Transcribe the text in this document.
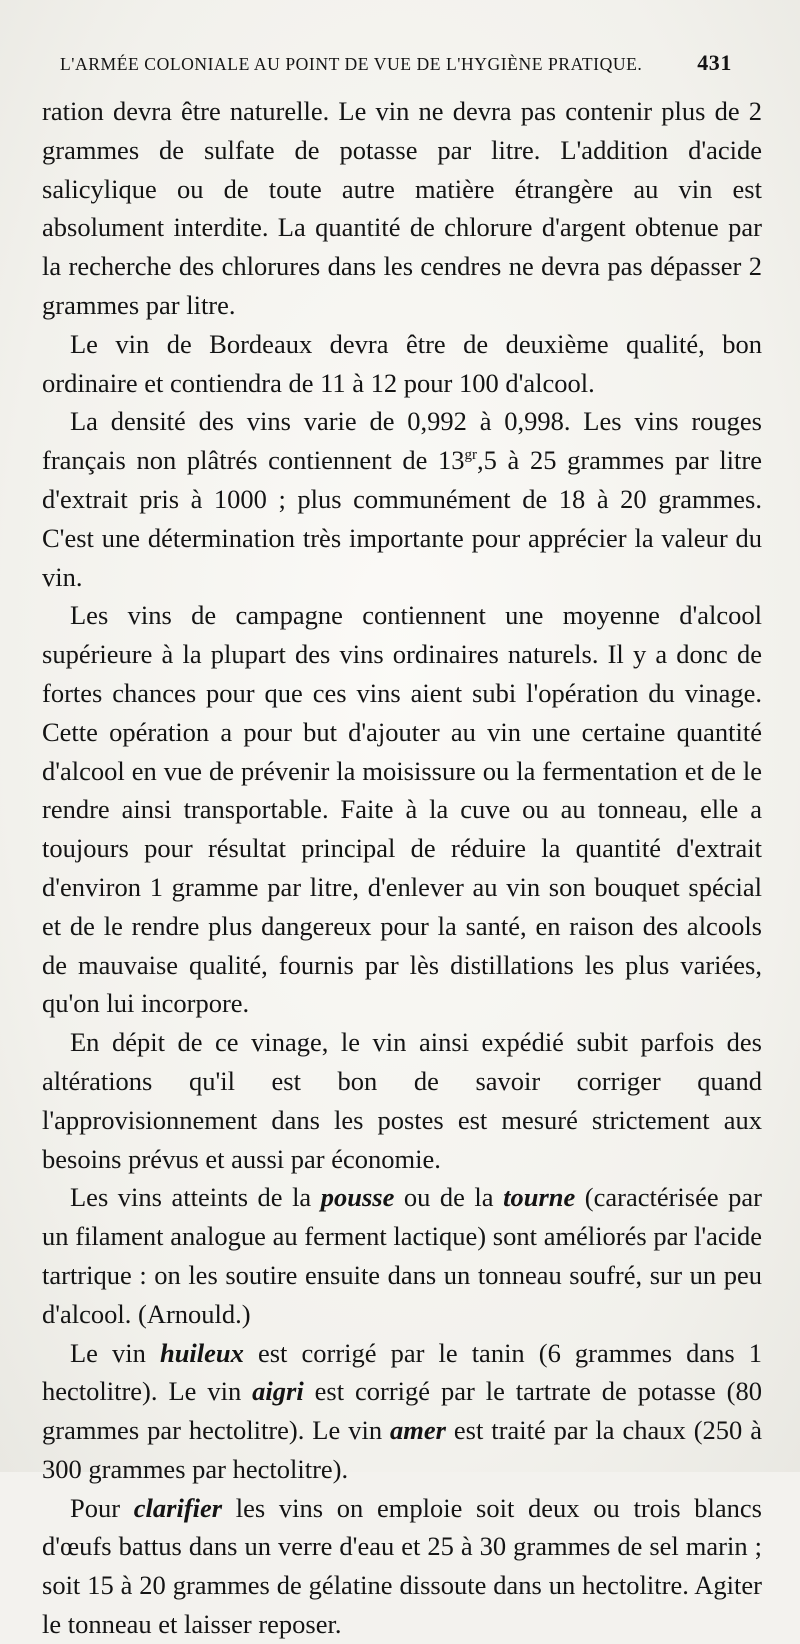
L'ARMÉE COLONIALE AU POINT DE VUE DE L'HYGIÈNE PRATIQUE. 431

ration devra être naturelle. Le vin ne devra pas contenir plus de 2 grammes de sulfate de potasse par litre. L'addition d'acide salicylique ou de toute autre matière étrangère au vin est absolument interdite. La quantité de chlorure d'argent obtenue par la recherche des chlorures dans les cendres ne devra pas dépasser 2 grammes par litre.

Le vin de Bordeaux devra être de deuxième qualité, bon ordinaire et contiendra de 11 à 12 pour 100 d'alcool.

La densité des vins varie de 0,992 à 0,998. Les vins rouges français non plâtrés contiennent de $13^{gr},5$ à 25 grammes par litre d'extrait pris à 1000 ; plus communément de 18 à 20 grammes. C'est une détermination très importante pour apprécier la valeur du vin.

Les vins de campagne contiennent une moyenne d'alcool supérieure à la plupart des vins ordinaires naturels. Il y a donc de fortes chances pour que ces vins aient subi l'opération du vinage. Cette opération a pour but d'ajouter au vin une certaine quantité d'alcool en vue de prévenir la moisissure ou la fermentation et de le rendre ainsi transportable. Faite à la cuve ou au tonneau, elle a toujours pour résultat principal de réduire la quantité d'extrait d'environ 1 gramme par litre, d'enlever au vin son bouquet spécial et de le rendre plus dangereux pour la santé, en raison des alcools de mauvaise qualité, fournis par lès distillations les plus variées, qu'on lui incorpore.

En dépit de ce vinage, le vin ainsi expédié subit parfois des altérations qu'il est bon de savoir corriger quand l'approvisionnement dans les postes est mesuré strictement aux besoins prévus et aussi par économie.

Les vins atteints de la pousse ou de la tourne (caractérisée par un filament analogue au ferment lactique) sont améliorés par l'acide tartrique : on les soutire ensuite dans un tonneau soufré, sur un peu d'alcool. (Arnould.)

Le vin huileux est corrigé par le tanin (6 grammes dans 1 hectolitre). Le vin aigri est corrigé par le tartrate de potasse (80 grammes par hectolitre). Le vin amer est traité par la chaux (250 à 300 grammes par hectolitre).

Pour clarifier les vins on emploie soit deux ou trois blancs d'œufs battus dans un verre d'eau et 25 à 30 grammes de sel marin ; soit 15 à 20 grammes de gélatine dissoute dans un hectolitre. Agiter le tonneau et laisser reposer.
